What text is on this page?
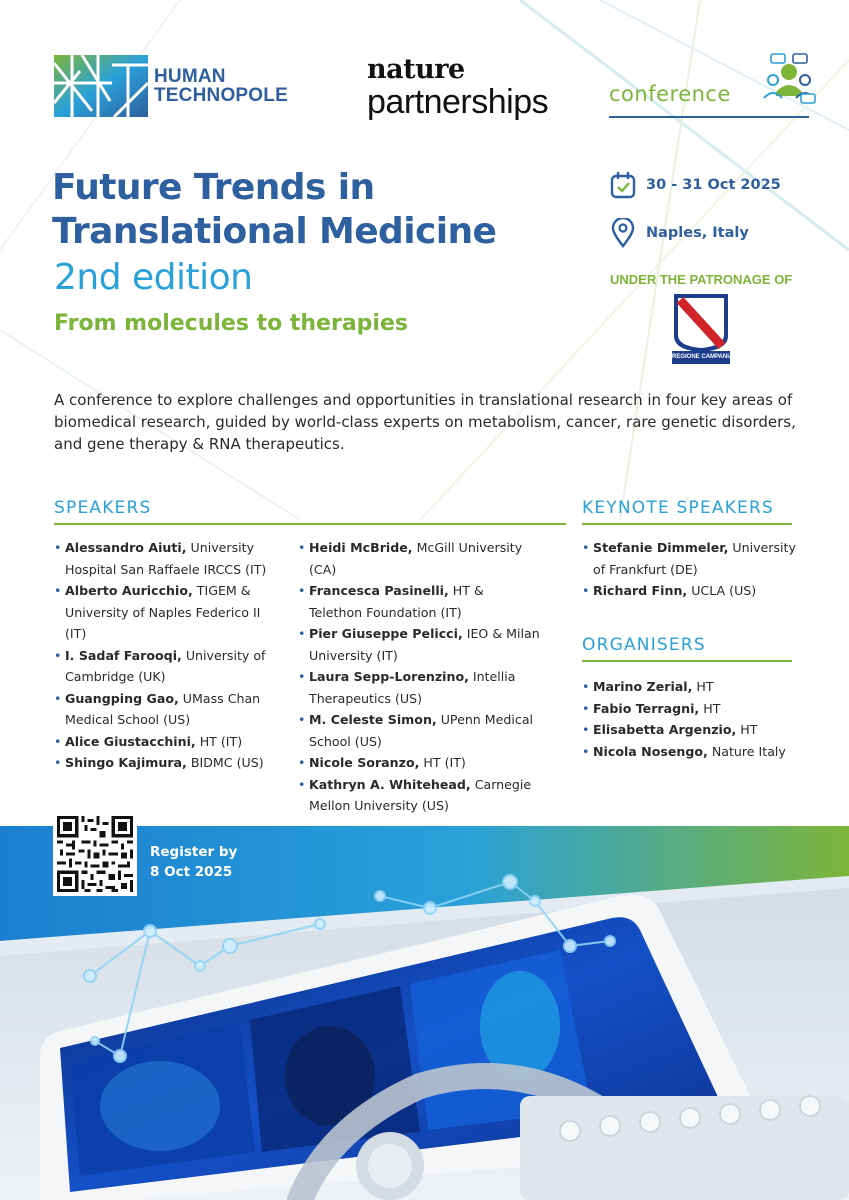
HUMAN
TECHNOPOLE
nature
partnerships	conference
Future Trends in
Translational Medicine
2nd edition
From molecules to therapies
30 - 31 Oct 2025
Naples, Italy
UNDER THE PATRONAGE OF
REGIONE CAMPANIA

A conference to explore challenges and opportunities in translational research in four key areas of biomedical research, guided by world-class experts on metabolism, cancer, rare genetic disorders, and gene therapy & RNA therapeutics.

SPEAKERS
• Alessandro Aiuti, University Hospital San Raffaele IRCCS (IT)
• Alberto Auricchio, TIGEM & University of Naples Federico II (IT)
• I. Sadaf Farooqi, University of Cambridge (UK)
• Guangping Gao, UMass Chan Medical School (US)
• Alice Giustacchini, HT (IT)
• Shingo Kajimura, BIDMC (US)
• Heidi McBride, McGill University (CA)
• Francesca Pasinelli, HT & Telethon Foundation (IT)
• Pier Giuseppe Pelicci, IEO & Milan University (IT)
• Laura Sepp-Lorenzino, Intellia Therapeutics (US)
• M. Celeste Simon, UPenn Medical School (US)
• Nicole Soranzo, HT (IT)
• Kathryn A. Whitehead, Carnegie Mellon University (US)
KEYNOTE SPEAKERS
• Stefanie Dimmeler, University of Frankfurt (DE)
• Richard Finn, UCLA (US)
ORGANISERS
• Marino Zerial, HT
• Fabio Terragni, HT
• Elisabetta Argenzio, HT
• Nicola Nosengo, Nature Italy
Register by
8 Oct 2025
